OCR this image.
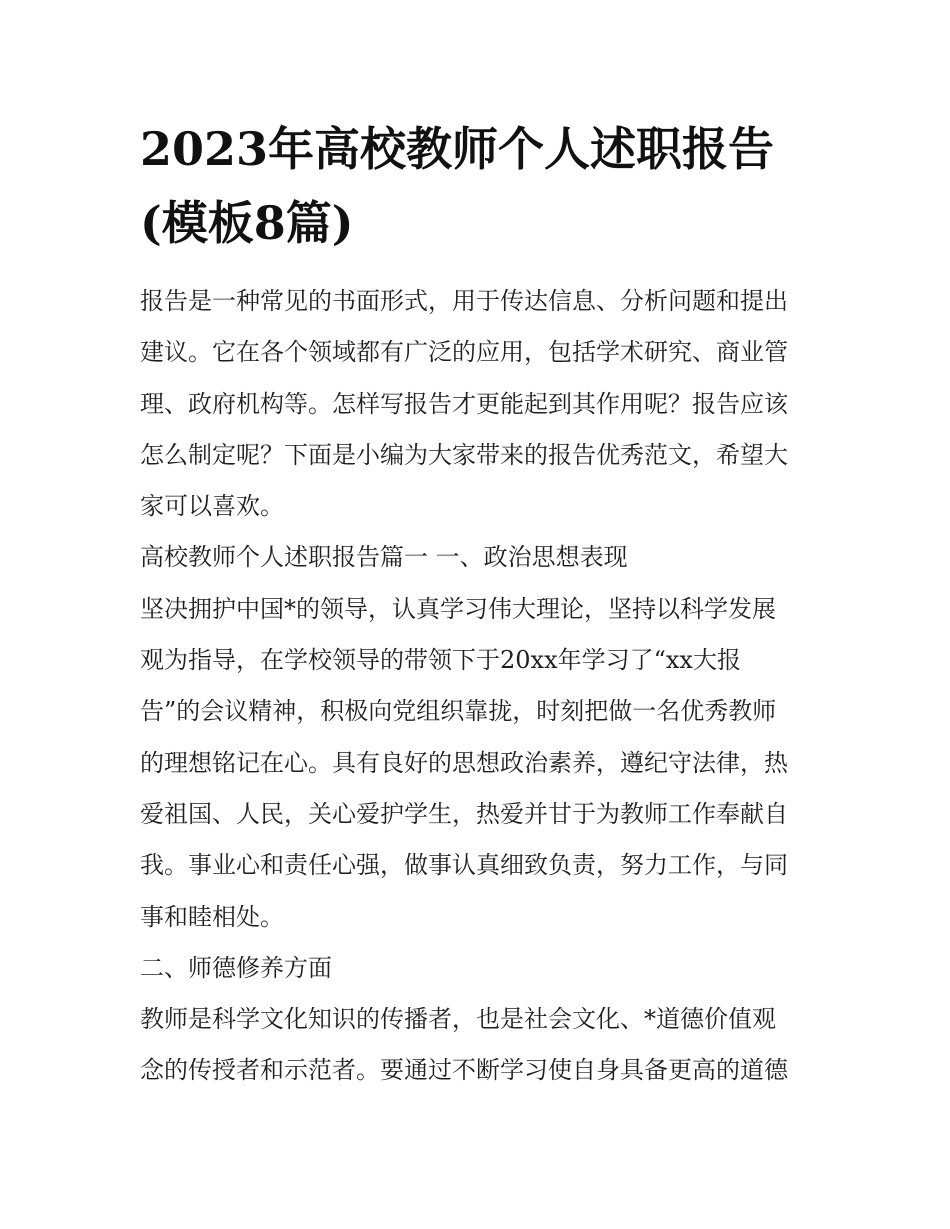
2023年高校教师个人述职报告
(模板8篇)
报告是一种常见的书面形式，用于传达信息、分析问题和提出
建议。它在各个领域都有广泛的应用，包括学术研究、商业管
理、政府机构等。怎样写报告才更能起到其作用呢？报告应该
怎么制定呢？下面是小编为大家带来的报告优秀范文，希望大
家可以喜欢。
高校教师个人述职报告篇一 一、政治思想表现
坚决拥护中国*的领导，认真学习伟大理论，坚持以科学发展
观为指导，在学校领导的带领下于20xx年学习了“xx大报
告”的会议精神，积极向党组织靠拢，时刻把做一名优秀教师
的理想铭记在心。具有良好的思想政治素养，遵纪守法律，热
爱祖国、人民，关心爱护学生，热爱并甘于为教师工作奉献自
我。事业心和责任心强，做事认真细致负责，努力工作，与同
事和睦相处。
二、师德修养方面
教师是科学文化知识的传播者，也是社会文化、*道德价值观
念的传授者和示范者。要通过不断学习使自身具备更高的道德
